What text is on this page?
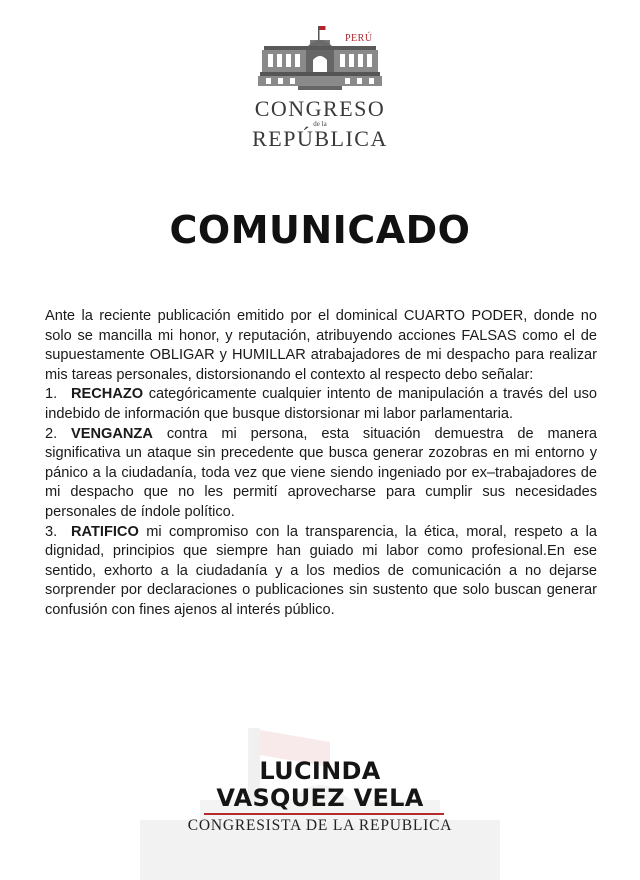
PERÚ
CONGRESO
de la
REPÚBLICA
COMUNICADO

Ante la reciente publicación emitido por el dominical CUARTO PODER, donde no solo se mancilla mi honor, y reputación, atribuyendo acciones FALSAS como el de supuestamente OBLIGAR y HUMILLAR atrabajadores de mi despacho para realizar mis tareas personales, distorsionando el contexto al respecto debo señalar:

1. RECHAZO categóricamente cualquier intento de manipulación a través del uso indebido de información que busque distorsionar mi labor parlamentaria.

2. VENGANZA contra mi persona, esta situación demuestra de manera significativa un ataque sin precedente que busca generar zozobras en mi entorno y pánico a la ciudadanía, toda vez que viene siendo ingeniado por ex–trabajadores de mi despacho que no les permití aprovecharse para cumplir sus necesidades personales de índole político.

3. RATIFICO mi compromiso con la transparencia, la ética, moral, respeto a la dignidad, principios que siempre han guiado mi labor como profesional.En ese sentido, exhorto a la ciudadanía y a los medios de comunicación a no dejarse sorprender por declaraciones o publicaciones sin sustento que solo buscan generar confusión con fines ajenos al interés público.

LUCINDA
VASQUEZ VELA
CONGRESISTA DE LA REPUBLICA
